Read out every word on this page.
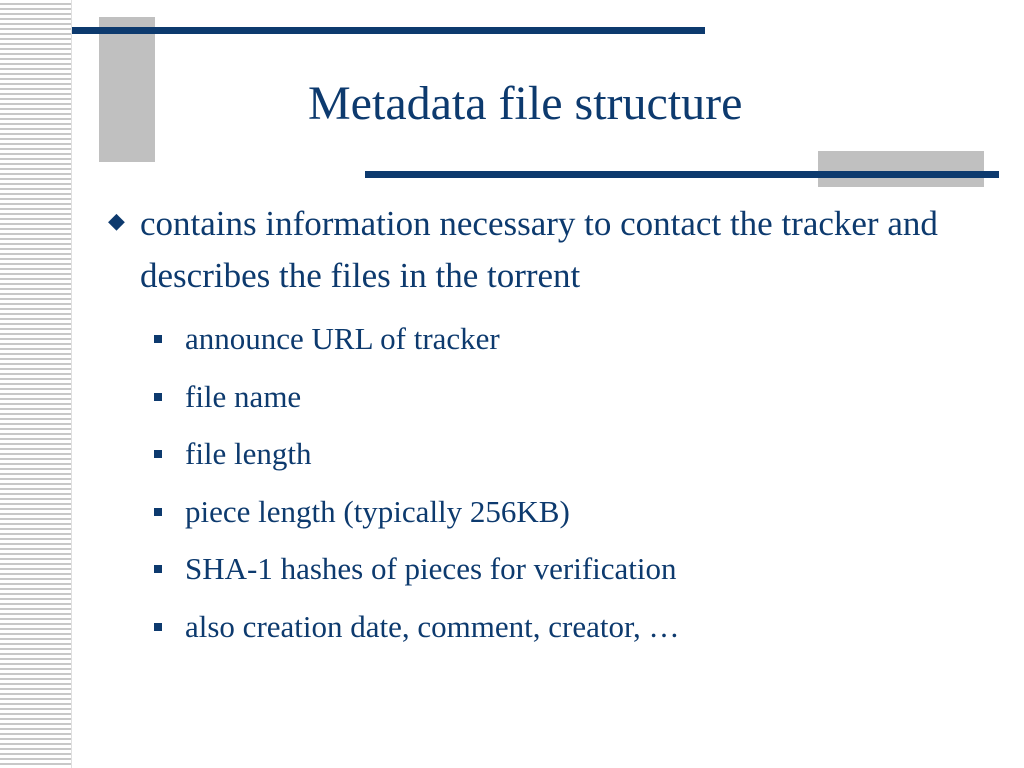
Metadata file structure
◆ contains information necessary to contact the tracker and describes the files in the torrent
announce URL of tracker
file name
file length
piece length (typically 256KB)
SHA-1 hashes of pieces for verification
also creation date, comment, creator, …
